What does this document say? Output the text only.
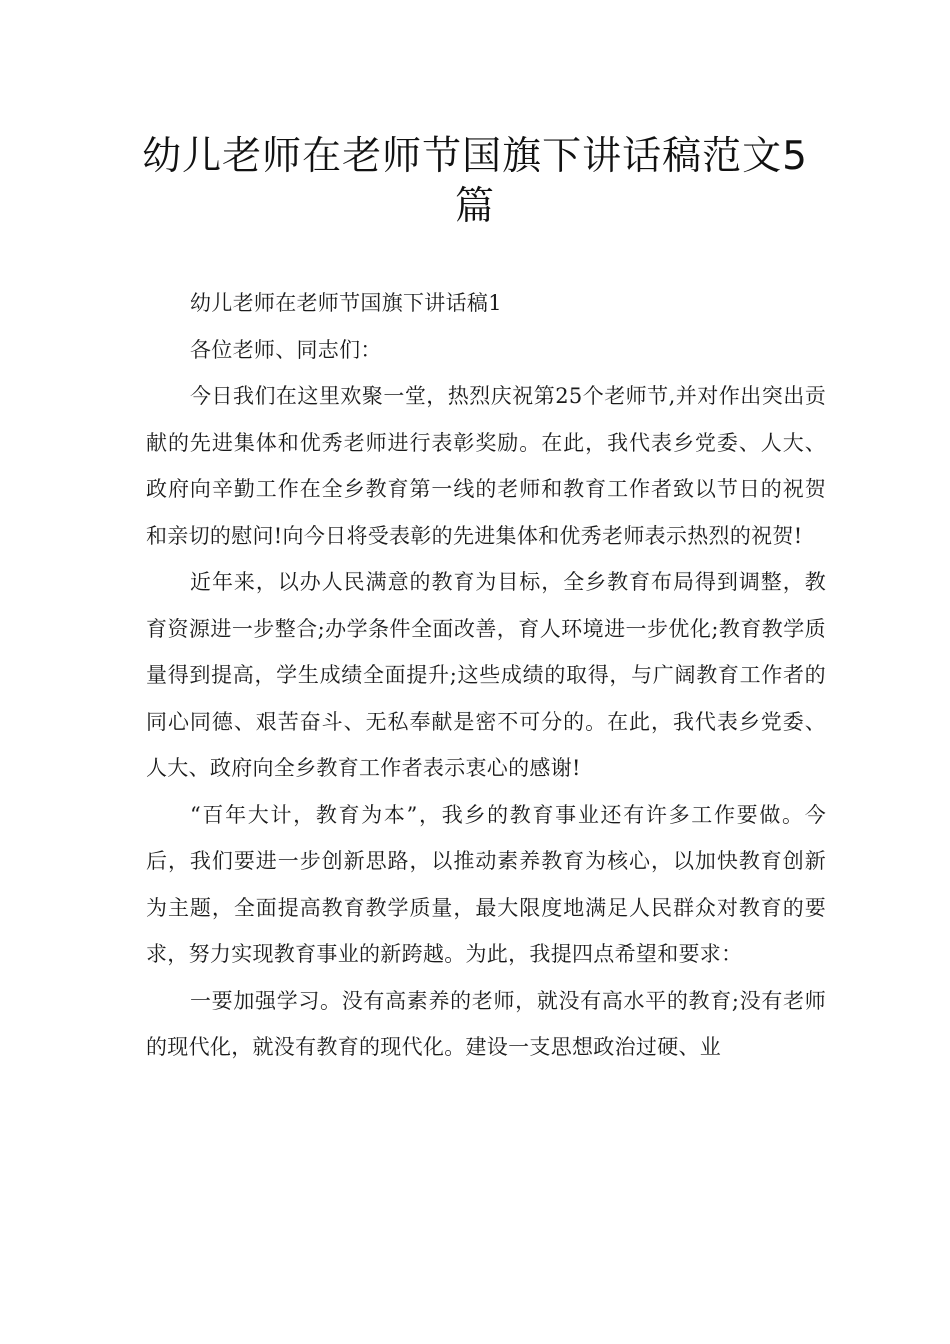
幼儿老师在老师节国旗下讲话稿范文5篇

幼儿老师在老师节国旗下讲话稿1

各位老师、同志们：

今日我们在这里欢聚一堂，热烈庆祝第25个老师节,并对作出突出贡献的先进集体和优秀老师进行表彰奖励。在此，我代表乡党委、人大、政府向辛勤工作在全乡教育第一线的老师和教育工作者致以节日的祝贺和亲切的慰问!向今日将受表彰的先进集体和优秀老师表示热烈的祝贺!

近年来，以办人民满意的教育为目标，全乡教育布局得到调整，教育资源进一步整合;办学条件全面改善，育人环境进一步优化;教育教学质量得到提高，学生成绩全面提升;这些成绩的取得，与广阔教育工作者的同心同德、艰苦奋斗、无私奉献是密不可分的。在此，我代表乡党委、人大、政府向全乡教育工作者表示衷心的感谢!

“百年大计，教育为本”，我乡的教育事业还有许多工作要做。今后，我们要进一步创新思路，以推动素养教育为核心，以加快教育创新为主题，全面提高教育教学质量，最大限度地满足人民群众对教育的要求，努力实现教育事业的新跨越。为此，我提四点希望和要求：

一要加强学习。没有高素养的老师，就没有高水平的教育;没有老师的现代化，就没有教育的现代化。建设一支思想政治过硬、业
